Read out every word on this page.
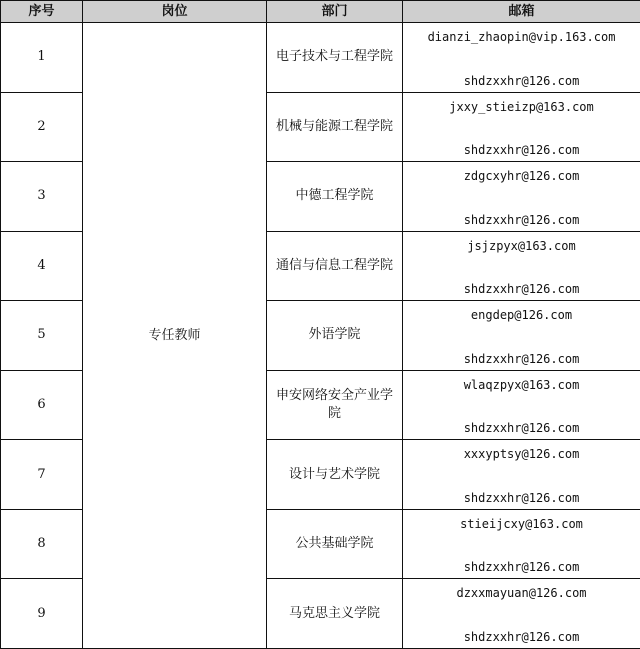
序号	岗位	部门	邮箱
1	专任教师	电子技术与工程学院	dianzi_zhaopin@vip.163.com
shdzxxhr@126.com

2		机械与能源工程学院	jxxy_stieizp@163.com
shdzxxhr@126.com

3		中德工程学院	zdgcxyhr@126.com
shdzxxhr@126.com

4		通信与信息工程学院	jsjzpyx@163.com
shdzxxhr@126.com

5		外语学院	engdep@126.com
shdzxxhr@126.com

6		申安网络安全产业学院	wlaqzpyx@163.com
shdzxxhr@126.com

7		设计与艺术学院	xxxyptsy@126.com
shdzxxhr@126.com

8		公共基础学院	stieijcxy@163.com
shdzxxhr@126.com

9		马克思主义学院	dzxxmayuan@126.com
shdzxxhr@126.com
